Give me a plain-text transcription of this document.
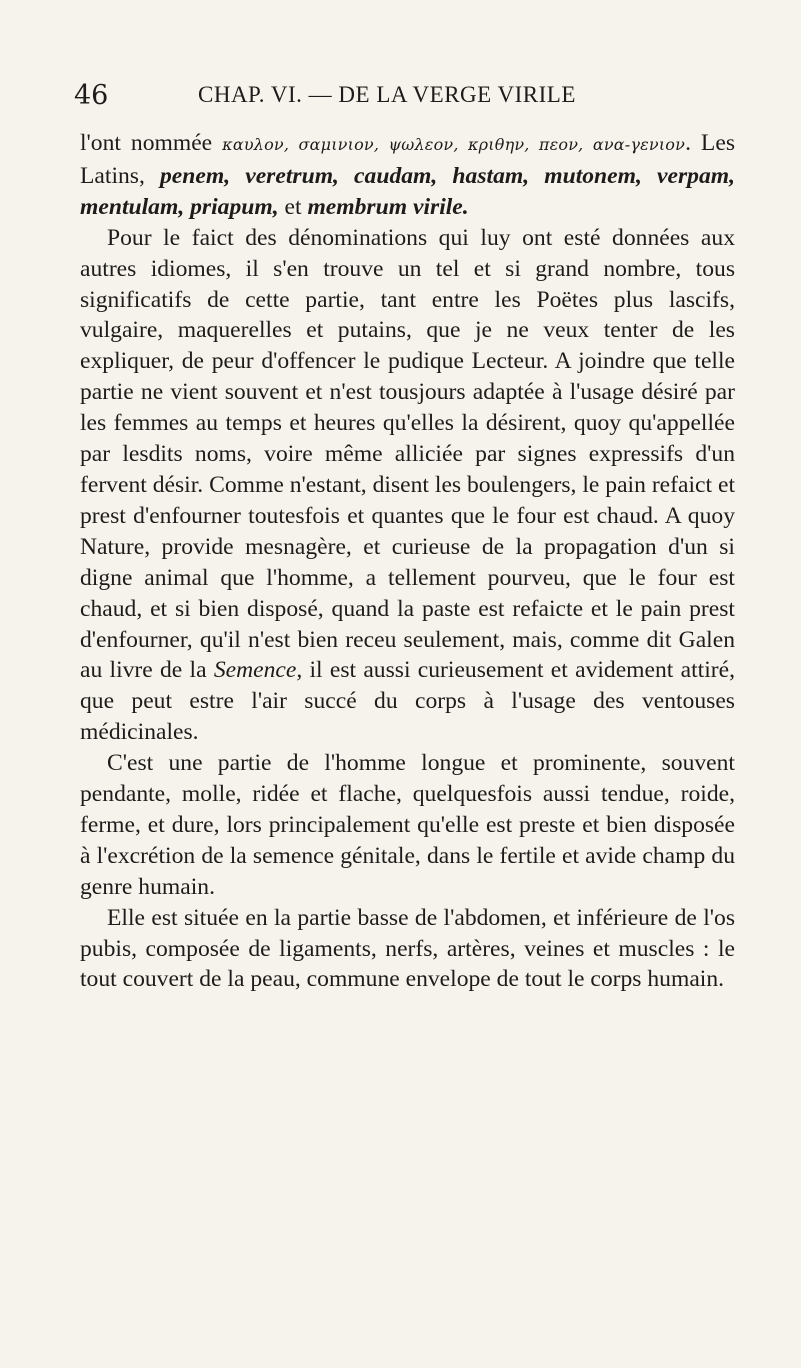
46	CHAP. VI. — DE LA VERGE VIRILE

l'ont nommée καυλον, σαμινιον, ψωλεον, κριθην, πεον, ανα-γενιον. Les Latins, penem, veretrum, caudam, hastam, mutonem, verpam, mentulam, priapum, et membrum virile.

Pour le faict des dénominations qui luy ont esté données aux autres idiomes, il s'en trouve un tel et si grand nombre, tous significatifs de cette partie, tant entre les Poëtes plus lascifs, vulgaire, maquerelles et putains, que je ne veux tenter de les expliquer, de peur d'offencer le pudique Lecteur. A joindre que telle partie ne vient souvent et n'est tousjours adaptée à l'usage désiré par les femmes au temps et heures qu'elles la désirent, quoy qu'appellée par lesdits noms, voire même alliciée par signes expressifs d'un fervent désir. Comme n'estant, disent les boulengers, le pain refaict et prest d'enfourner toutesfois et quantes que le four est chaud. A quoy Nature, provide mesnagère, et curieuse de la propagation d'un si digne animal que l'homme, a tellement pourveu, que le four est chaud, et si bien disposé, quand la paste est refaicte et le pain prest d'enfourner, qu'il n'est bien receu seulement, mais, comme dit Galen au livre de la Semence, il est aussi curieusement et avidement attiré, que peut estre l'air succé du corps à l'usage des ventouses médicinales.

C'est une partie de l'homme longue et prominente, souvent pendante, molle, ridée et flache, quelquesfois aussi tendue, roide, ferme, et dure, lors principalement qu'elle est preste et bien disposée à l'excrétion de la semence génitale, dans le fertile et avide champ du genre humain.

Elle est située en la partie basse de l'abdomen, et inférieure de l'os pubis, composée de ligaments, nerfs, artères, veines et muscles : le tout couvert de la peau, commune envelope de tout le corps humain.
